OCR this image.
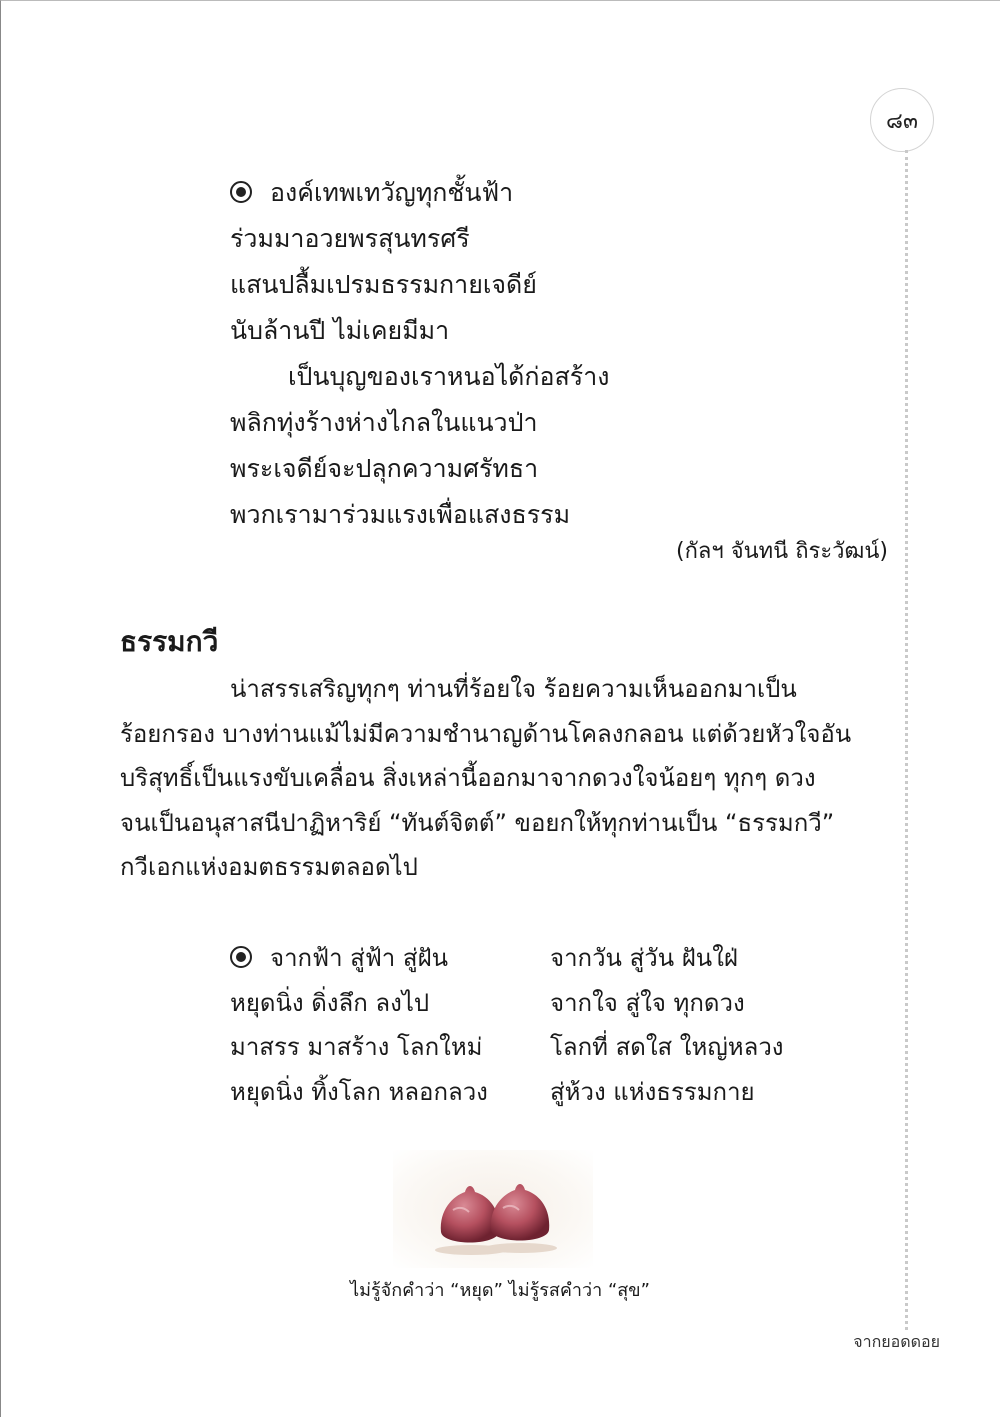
๘๓
องค์เทพเทวัญทุกชั้นฟ้า
ร่วมมาอวยพรสุนทรศรี
แสนปลื้มเปรมธรรมกายเจดีย์
นับล้านปี ไม่เคยมีมา
เป็นบุญของเราหนอได้ก่อสร้าง
พลิกทุ่งร้างห่างไกลในแนวป่า
พระเจดีย์จะปลุกความศรัทธา
พวกเรามาร่วมแรงเพื่อแสงธรรม
(กัลฯ จันทนี ถิระวัฒน์)
ธรรมกวี
น่าสรรเสริญทุกๆ ท่านที่ร้อยใจ ร้อยความเห็นออกมาเป็น
ร้อยกรอง บางท่านแม้ไม่มีความชำนาญด้านโคลงกลอน แต่ด้วยหัวใจอัน
บริสุทธิ์เป็นแรงขับเคลื่อน สิ่งเหล่านี้ออกมาจากดวงใจน้อยๆ ทุกๆ ดวง
จนเป็นอนุสาสนีปาฏิหาริย์ “ทันต์จิตต์” ขอยกให้ทุกท่านเป็น “ธรรมกวี”
กวีเอกแห่งอมตธรรมตลอดไป
จากฟ้า สู่ฟ้า สู่ฝัน	จากวัน สู่วัน ฝันใฝ่
หยุดนิ่ง ดิ่งลึก ลงไป	จากใจ สู่ใจ ทุกดวง
มาสรร มาสร้าง โลกใหม่	โลกที่ สดใส ใหญ่หลวง
หยุดนิ่ง ทิ้งโลก หลอกลวง	สู่ห้วง แห่งธรรมกาย
ไม่รู้จักคำว่า “หยุด” ไม่รู้รสคำว่า “สุข”
จากยอดดอย
